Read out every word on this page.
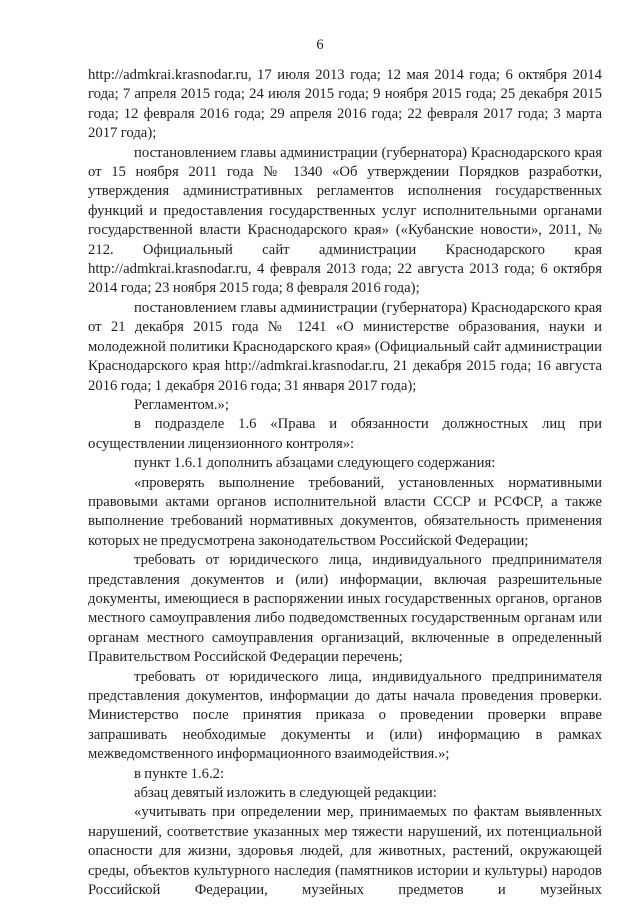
6

http://admkrai.krasnodar.ru, 17 июля 2013 года; 12 мая 2014 года; 6 октября 2014 года; 7 апреля 2015 года; 24 июля 2015 года; 9 ноября 2015 года; 25 декабря 2015 года; 12 февраля 2016 года; 29 апреля 2016 года; 22 февраля 2017 года; 3 марта 2017 года);

постановлением главы администрации (губернатора) Краснодарского края от 15 ноября 2011 года № 1340 «Об утверждении Порядков разработки, утверждения административных регламентов исполнения государственных функций и предоставления государственных услуг исполнительными органами государственной власти Краснодарского края» («Кубанские новости», 2011, № 212. Официальный сайт администрации Краснодарского края http://admkrai.krasnodar.ru, 4 февраля 2013 года; 22 августа 2013 года; 6 октября 2014 года; 23 ноября 2015 года; 8 февраля 2016 года);

постановлением главы администрации (губернатора) Краснодарского края от 21 декабря 2015 года № 1241 «О министерстве образования, науки и молодежной политики Краснодарского края» (Официальный сайт администрации Краснодарского края http://admkrai.krasnodar.ru, 21 декабря 2015 года; 16 августа 2016 года; 1 декабря 2016 года; 31 января 2017 года);

Регламентом.»;

в подразделе 1.6 «Права и обязанности должностных лиц при осуществлении лицензионного контроля»:

пункт 1.6.1 дополнить абзацами следующего содержания:

«проверять выполнение требований, установленных нормативными правовыми актами органов исполнительной власти СССР и РСФСР, а также выполнение требований нормативных документов, обязательность применения которых не предусмотрена законодательством Российской Федерации;

требовать от юридического лица, индивидуального предпринимателя представления документов и (или) информации, включая разрешительные документы, имеющиеся в распоряжении иных государственных органов, органов местного самоуправления либо подведомственных государственным органам или органам местного самоуправления организаций, включенные в определенный Правительством Российской Федерации перечень;

требовать от юридического лица, индивидуального предпринимателя представления документов, информации до даты начала проведения проверки. Министерство после принятия приказа о проведении проверки вправе запрашивать необходимые документы и (или) информацию в рамках межведомственного информационного взаимодействия.»;

в пункте 1.6.2:

абзац девятый изложить в следующей редакции:

«учитывать при определении мер, принимаемых по фактам выявленных нарушений, соответствие указанных мер тяжести нарушений, их потенциальной опасности для жизни, здоровья людей, для животных, растений, окружающей среды, объектов культурного наследия (памятников истории и культуры) народов Российской Федерации, музейных предметов и музейных
